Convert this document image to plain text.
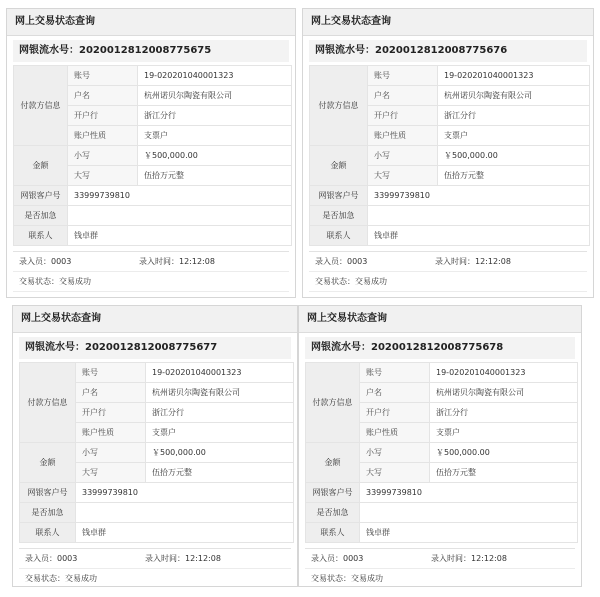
网上交易状态查询
网银流水号：2020012812008775675
付款方信息	账号	19-020201040001323
	户名	杭州诺贝尔陶瓷有限公司
	开户行	浙江分行
	账户性质	支票户
金额	小写	￥500,000.00
	大写	伍拾万元整
网银客户号	33999739810	
是否加急		
联系人	钱卓群	
录入员：0003	录入时间：12:12:08
交易状态：交易成功
网上交易状态查询
网银流水号：2020012812008775676
付款方信息	账号	19-020201040001323
	户名	杭州诺贝尔陶瓷有限公司
	开户行	浙江分行
	账户性质	支票户
金额	小写	￥500,000.00
	大写	伍拾万元整
网银客户号	33999739810	
是否加急		
联系人	钱卓群	
录入员：0003	录入时间：12:12:08
交易状态：交易成功
网上交易状态查询
网银流水号：2020012812008775677
付款方信息	账号	19-020201040001323
	户名	杭州诺贝尔陶瓷有限公司
	开户行	浙江分行
	账户性质	支票户
金额	小写	￥500,000.00
	大写	伍拾万元整
网银客户号	33999739810	
是否加急		
联系人	钱卓群	
录入员：0003	录入时间：12:12:08
交易状态：交易成功
网上交易状态查询
网银流水号：2020012812008775678
付款方信息	账号	19-020201040001323
	户名	杭州诺贝尔陶瓷有限公司
	开户行	浙江分行
	账户性质	支票户
金额	小写	￥500,000.00
	大写	伍拾万元整
网银客户号	33999739810	
是否加急		
联系人	钱卓群	
录入员：0003	录入时间：12:12:08
交易状态：交易成功
